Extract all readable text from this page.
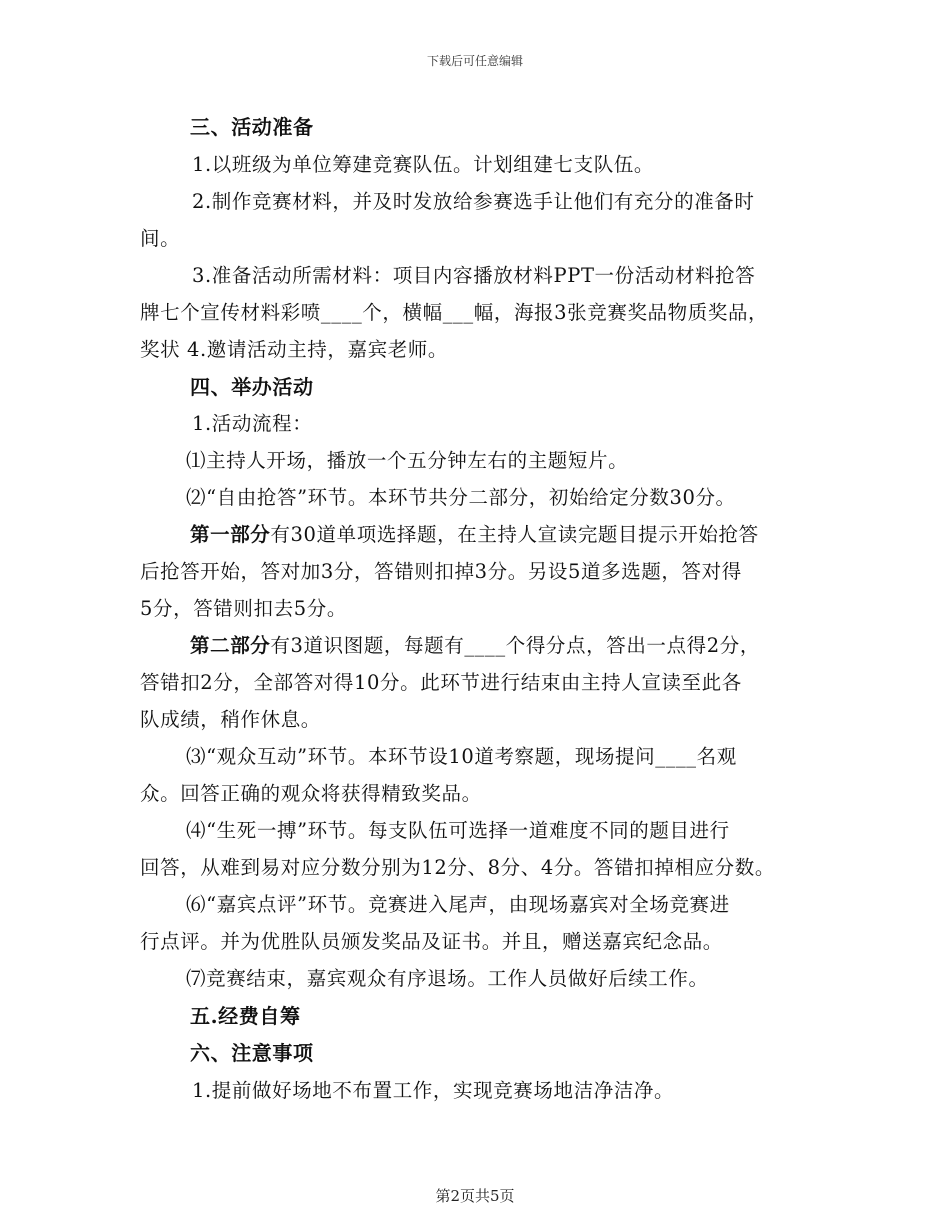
下载后可任意编辑
三、活动准备
1.以班级为单位筹建竞赛队伍。计划组建七支队伍。
2.制作竞赛材料，并及时发放给参赛选手让他们有充分的准备时
间。
3.准备活动所需材料：项目内容播放材料PPT一份活动材料抢答
牌七个宣传材料彩喷____个，横幅___幅，海报3张竞赛奖品物质奖品，
奖状 4.邀请活动主持，嘉宾老师。
四、举办活动
1.活动流程：
⑴主持人开场，播放一个五分钟左右的主题短片。
⑵“自由抢答”环节。本环节共分二部分，初始给定分数30分。
第一部分有30道单项选择题，在主持人宣读完题目提示开始抢答
后抢答开始，答对加3分，答错则扣掉3分。另设5道多选题，答对得
5分，答错则扣去5分。
第二部分有3道识图题，每题有____个得分点，答出一点得2分，
答错扣2分，全部答对得10分。此环节进行结束由主持人宣读至此各
队成绩，稍作休息。
⑶“观众互动”环节。本环节设10道考察题，现场提问____名观
众。回答正确的观众将获得精致奖品。
⑷“生死一搏”环节。每支队伍可选择一道难度不同的题目进行
回答，从难到易对应分数分别为12分、8分、4分。答错扣掉相应分数。
⑹“嘉宾点评”环节。竞赛进入尾声，由现场嘉宾对全场竞赛进
行点评。并为优胜队员颁发奖品及证书。并且，赠送嘉宾纪念品。
⑺竞赛结束，嘉宾观众有序退场。工作人员做好后续工作。
五.经费自筹
六、注意事项
1.提前做好场地不布置工作，实现竞赛场地洁净洁净。
第2页共5页
